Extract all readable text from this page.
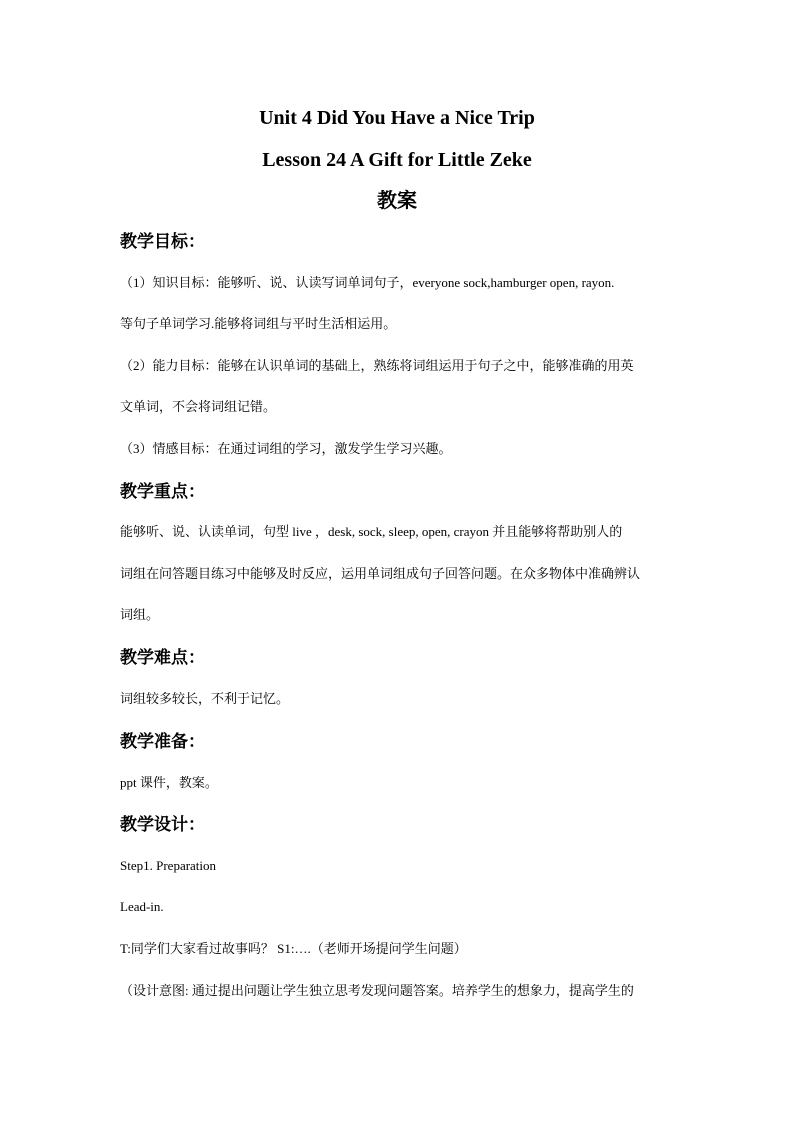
Unit 4 Did You Have a Nice Trip
Lesson 24 A Gift for Little Zeke
教案
教学目标：

（1）知识目标：能够听、说、认读写词单词句子，everyone sock,hamburger open, rayon.

等句子单词学习.能够将词组与平时生活相运用。

（2）能力目标：能够在认识单词的基础上，熟练将词组运用于句子之中，能够准确的用英

文单词，不会将词组记错。

（3）情感目标：在通过词组的学习，激发学生学习兴趣。

教学重点：

能够听、说、认读单词，句型 live ，desk, sock, sleep, open, crayon 并且能够将帮助别人的

词组在问答题目练习中能够及时反应，运用单词组成句子回答问题。在众多物体中准确辨认

词组。

教学难点：

词组较多较长，不利于记忆。

教学准备：

ppt 课件，教案。

教学设计：

Step1. Preparation

Lead-in.

T:同学们大家看过故事吗？ S1:….（老师开场提问学生问题）

（设计意图: 通过提出问题让学生独立思考发现问题答案。培养学生的想象力，提高学生的
